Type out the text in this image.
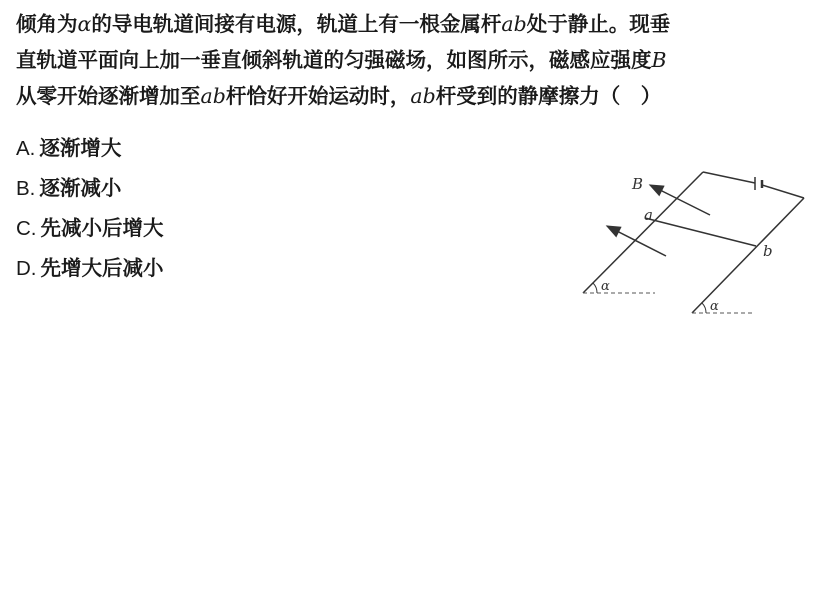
倾角为α的导电轨道间接有电源，轨道上有一根金属杆ab处于静止。现垂
直轨道平面向上加一垂直倾斜轨道的匀强磁场，如图所示，磁感应强度B
从零开始逐渐增加至ab杆恰好开始运动时，ab杆受到的静摩擦力（　）
A. 逐渐增大
B. 逐渐减小
C. 先减小后增大
D. 先增大后减小
B
a
b
α
α
